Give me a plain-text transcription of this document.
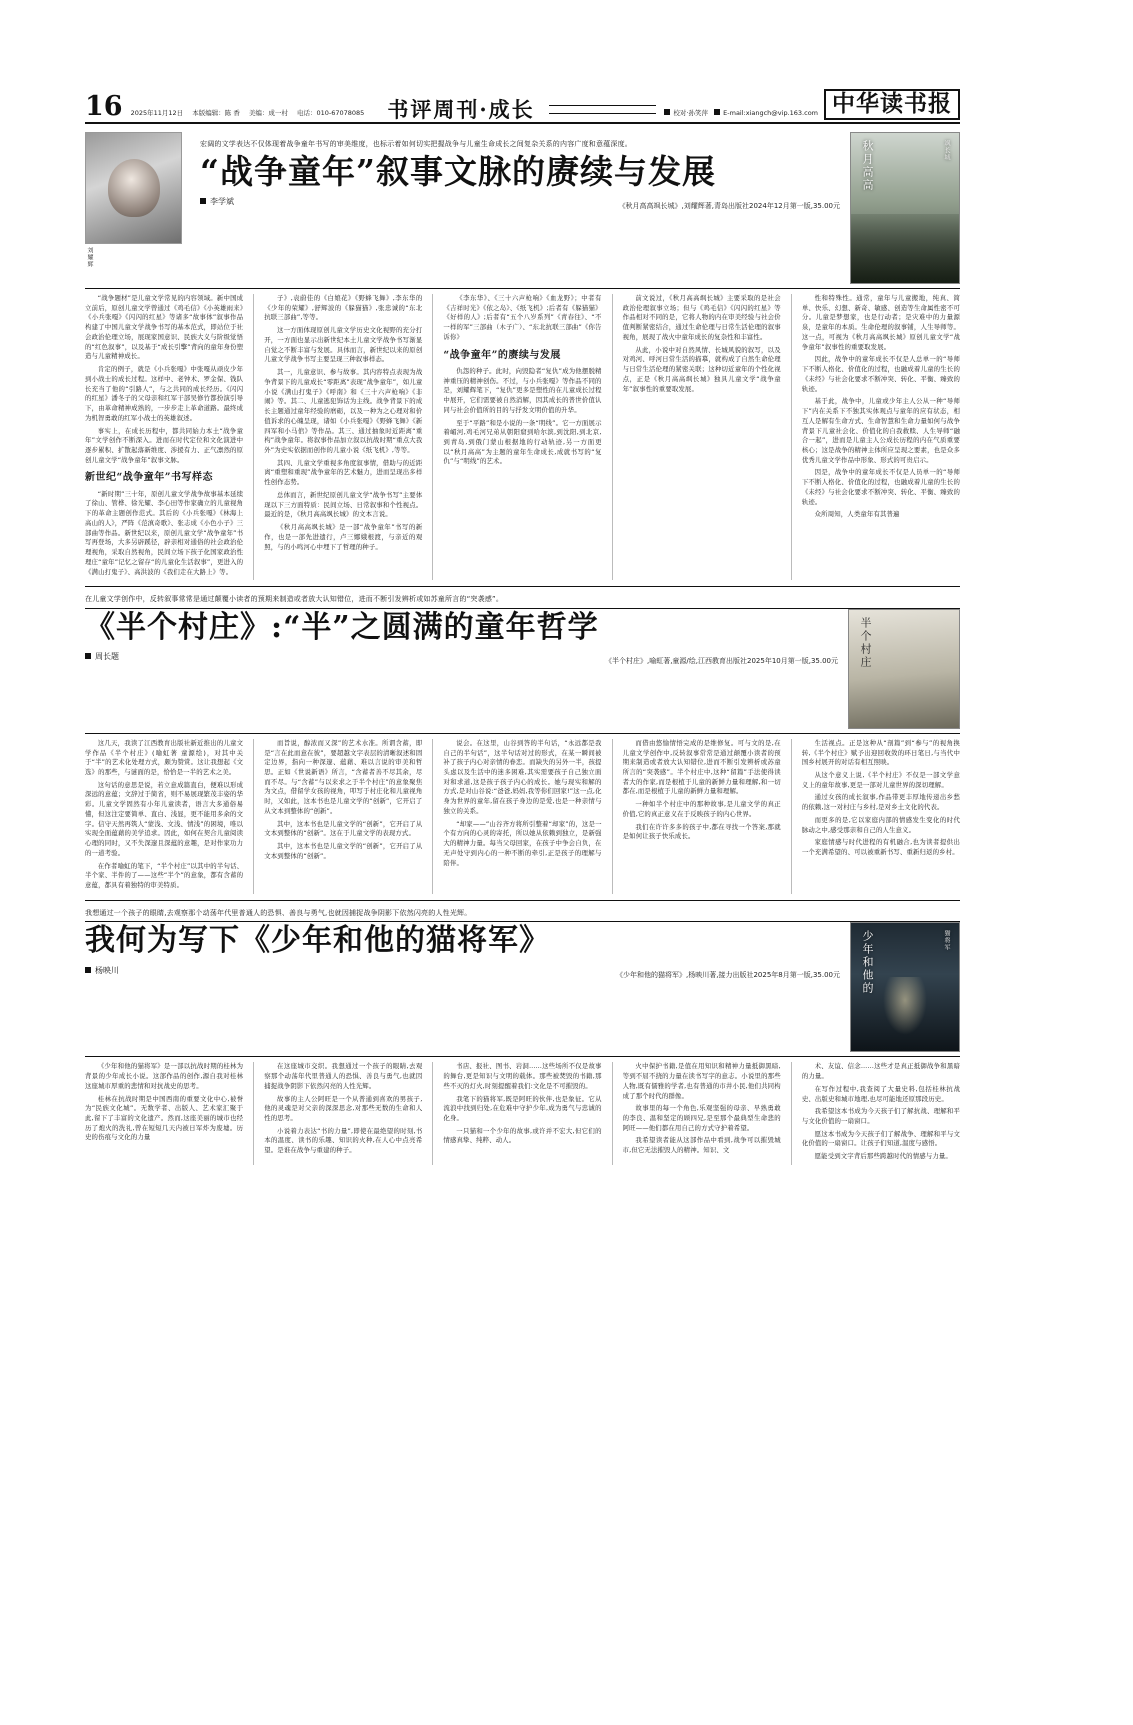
16 2025年11月12日 本版编辑：陈 香 美编：成一村 电话：010-67078085	书评周刊·成长	校对·孙笑萍 E-mail:xiangch@vip.163.com 中华读书报
刘耀辉
宏阔的文学表达不仅体现着战争童年书写的审美维度，也标示着如何切实把握战争与儿童生命成长之间复杂关系的内容广度和意蕴深度。
“战争童年”叙事文脉的赓续与发展
李学斌	《秋月高高飒长城》,刘耀辉著,青岛出版社2024年12月第一版,35.00元
秋月高高	飒长城

“战争题材”是儿童文学常见的内容领域。新中国成立前后，原创儿童文学曾通过《鸡毛信》《小英雄雨来》《小兵张嘎》《闪闪的红星》等诸多“故事体”叙事作品构建了中国儿童文学战争书写的基本范式，即站位于社会政治伦理立场，展现家国意识、民族大义与阶级觉悟的“红色叙事”，以及基于“成长引擎”背向的童年身份塑造与儿童精神成长。

肯定的例子，就是《小兵张嘎》中张嘎从顽皮少年到小战士的成长过程。这样中、老钟术、罗金保、钱队长充当了他的“引路人”，与之共同的成长经历。《闪闪的红星》潘冬子的父母亲和红军干部吴修竹都扮演引导下，由革命精神成熟的，一步步走上革命道路。最终成为机智勇敢的红军小战士的英雄叙述。

事实上，在成长历程中，都共同始力本土“战争童年”文学创作不断深入。进而在时代定位和文化演进中逐步累积、扩散起落新维度、涉援有力、正气凛然的原创儿童文学“战争童年”叙事文脉。

新世纪“战争童年”书写样态

“新时期”三十年，原创儿童文学战争故事基本延续了徐山、管桦、徐光耀、李心田等作家确立的儿童视角下的革命主题创作范式。其后的《小兵张嘎》《林海上高山的人》，严阵《范滇奇歌》、张志成《小色小子》三部曲等作品。新世纪以来，原创儿童文学“战争童年”书写再登场，大多另辟蹊径，辟亲相对通俗的社会政治伦理视角，采取自然视角，民间立场下孩子化国家政治性理庄“童年”记忆之留存“的儿童化生活叙事”，更进入的《满山打鬼子》、高洪波的《我们走在大路上》等。

子》,袁蔚佳的《白娘花》《野蜂飞舞》,李东华的《少年的荣耀》,舒辉波的《躲猫猫》,张忠诚的“东北抗联三部曲”,等等。

这一方面体现原创儿童文学历史文化视野的充分打开，一方面也显示出新世纪本土儿童文学战争书写渐显自觉之不断丰富与发展。具体而言，新世纪以来的原创儿童文学战争书写主要呈现三种叙事样态。

其一，儿童意识、参与故事。其内容特点表现为战争背景下的儿童成长“零距离”表现“战争童年”，如儿童小说《满山打鬼子》《呼南》和《三十六声枪响》《非闹》等。其二、儿童逃犯饰话为主线。战争背景下的成长主题通过童年经验的磨砺，以及一种为之心理对和价值诉求的心魄呈现，诸如《小兵张嘎》《野蜂飞舞》《新四军和小马倌》等作品。其三、通过抽象时近距离“重构”战争童年。将叙事作品加立叙以抗战时期“重点大我外”为史实依据而创作的儿童小说《纸飞机》,等等。

其四、儿童文学重视多角度叙事情，借助与的近距离“重塑和重现”战争童年的艺术魅力，进而呈现出多样性创作态势。

总体而言，新世纪原创儿童文学“战争书写”主要体现以下三方面特质：民间立场、日常叙事和个性视点。最近的是，《秋月高高飒长城》的文本言说。

《秋月高高飒长城》是一部“战争童年”书写的新作，也是一部先进遗行，卢三娜娥根渡，与亲近的观照，与的小鸣河心中埋下了哲理的种子。

《李东华》、《三十六声枪响》《血龙野》；中者有《吉祥时光》《依之岛》、《纸飞机》;后者有《躲猫猫》《好样的人》;后者有“五个八岁系列”《青春往》、“不一样的军”三部曲（木子广）、“东北抗联三部曲”《你告诉你》

“战争童年”的赓续与发展

仇怨的种子。此时，向毁隐者“复仇”成为他摆脱精神重压的精神创伤。不过，与小兵张嘎》等作品不同的是，刘耀辉笔下，“复仇”更多是塑性的在儿童成长过程中展开，它们需要被自然消解，因其成长的普世价值认同与社会价值所的目的与抒发文明价值的升华。

至于“平路”和是小说的一条“明线”。它一方面展示着嵋河,鸡毛河兄弟从朝阳窟到哈尔滨,到沈阳,到北京,到青岛,到俄门蒙山根据地的行动轨迹,另一方面更以“秋月高高”为主题的童年生命成长,成就书写的“复仇”与“明线”的艺术。

前文说过，《秋月高高飒长城》主要采取的是社会政治伦理叙事立场；但与《鸡毛信》《闪闪的红星》等作品相对不同的是，它将人物的内在审美经验与社会价值判断紧密结合，通过生命伦理与日常生活伦理的叙事视角，展现了战火中童年成长的复杂性和丰富性。

从此，小说中对自然风情、长城风貌的叙写，以及对鸡河、呼河日常生活的描摹，就构成了自然生命伦理与日常生活伦理的紧密关联；这种切近童年的个性化视点，正是《秋月高高飒长城》独具儿童文学“战争童年”叙事性的重要取发展。

性和特殊性。通常，童年与儿童搬地，纯真、简单、快乐、幻想、新奇、敏感、创造等生命属性密不可分。儿童是梦想家，也是行动者；是灾难中的力量源泉，是童年的本质。生命伦理的叙事铺，人生导师等。这一点，可视为《秋月高高飒长城》原创儿童文学“战争童年”叙事性的重要取发展。

因此，战争中的童年成长不仅是人总单一的“导师下不断人格化、价值化的过程，也融成着儿童的生长的《未经》与社会化要求不断冲突、转化、平衡、臻致的轨迹。

基于此，战争中，儿童或少年主人公从一种“导师下”内在关系下不独其实体观点与童年的应有状态，相互人是解有生命方式、生命智慧和生命力量如何与战争背景下儿童社会化、价值化的自我救赎、人生导师“融合一起”，进而是儿童主人公成长历程的内在气质重要核心；这是战争的精神主体所应呈现之要素，也是众多优秀儿童文学作品中形象、形式的可贵启示。

因是，战争中的童年成长不仅是人员单一的“导师下不断人格化、价值化的过程，也融成着儿童的生长的《未经》与社会化要求不断冲突、转化、平衡、臻致的轨迹。

众所周知，人类童年有其普遍

在儿童文学创作中，反转叙事常常是通过颠覆小读者的预期来制造或者放大认知错位，进而不断引发辨析或如苏童所言的“突袭感”。
《半个村庄》:“半”之圆满的童年哲学
周长题	《半个村庄》,喻虹著,童源/绘,江西教育出版社2025年10月第一版,35.00元 半个村庄

这几天，我读了江西教育出版社新近推出的儿童文学作品《半个村庄》(喻虹著 童源绘)，对其中关于“半”的艺术化处理方式，颇为赞赏。这让我想起《文选》的那些，与谜面的是，恰恰是一半的艺术之美。

这句话的意思是说，若立意成篇直白，便难以形成深远的意蕴；文辞过于简省，则不易展现繁茂丰姿的华彩。儿童文学固然有小年儿童读者，语言大多通俗易懂，但这注定要简单、直白、浅显，更不能用多余的文字。信守天然再筑人“蒙浅、文浅、情浅”的困境，唯以实现全面蕴藉的美学追求。因此，如何在契合儿童阅读心理的同时，又不失深邃且深蕴的意趣，是对作家功力的一道考验。

在作者喻虹的笔下，“半个村庄”以其中的半句话、半个家、半件的了——这些“半个”的意象，都有含蓄的意蕴，都具有着独特的审美特质。

而旨说，醇浓而又深”的艺术水准。所谓含蓄，即是“言在此而意在彼”，要超越文字表层的清晰叙述和固定边界，指向一种深邃、蕴藉、难以言说的审美和哲思。正如《世说新语》所言，“含蓄者善不尽其余，尽而不尽。与“含蓄”与以来求之于半个村庄”的意象聚焦为文点，借留学女孩的视角，叩写于村庄化和儿童视角时，又如此，这本书也是儿童文学的“创新”，它开启了从文本到整体的“创新”。

其中，这本书也是儿童文学的“创新”，它开启了从文本到整体的“创新”。这在于儿童文学的表现方式。

其中，这本书也是儿童文学的“创新”，它开启了从文本到整体的“创新”。

说会。在这里，山谷到答的半句话，“永远都是我自己的半句话”，这半句话对过的形式，在某一瞬间被补了孩子内心对亲情的眷恋。而缺失的另外一半，孩提头虑以及生活中的迷多困难,其实需要孩子自己独立面对和求道,这是孩子孩子内心的成长。她与现实和解的方式,是对山谷说:“爸爸,妈妈,我等你们回家!”这一点,化身为世界的童年,留在孩子身边的是爱,也是一种亲情与独立的关系。

“却家——”山谷齐方将所引整着“却家”的，这是一个有方向的心灵的寄托，所以她从依赖到独立，是新强大的精神力量。每当父母回家，在孩子中争会自负，在无声处守到内心的一种不断的牵引,正是孩子的理解与陪伴。

而借由悠愉情悟完成的是维修复。可与文的是,在儿童文学创作中,反转叙事常常是通过颠覆小读者的预期来制造或者放大认知错位,进而不断引发辨析或苏童所言的“突袭感”。半个村庄中,这种“留篇”手法使得读者大的作家,而是根植于儿童的新鲜力量和理解,和一切都在,而是根植于儿童的新鲜力量和理解。

一种如半个村庄中的那种故事,是儿童文学的真正价值,它的真正意义在于反映孩子的内心世界。

我们在许许多多的孩子中,都在寻找一个答案,那就是如何让孩子快乐成长。

生活视点。正是这种从“剖篇”到“参与”的视角换转,《半个村庄》赋予出迎回收敛的环日笔日,与当代中国乡村展开的对话有相互照映。

从这个意义上说,《半个村庄》不仅是一部文学意义上的童年故事,更是一部对儿童世界的深切理解。

通过女孩的成长叙事,作品带更丰厚地传递出乡愁的依赖,这一对村庄与乡村,是对乡土文化的代表。

而更多的是,它以家庭内部的情感发生变化的时代脉动之中,感受那亲和自己的人生意义。

家庭情感与时代进程的有机融合,也为读者提供出一个充满希望的、可以被重新书写、重新归返的乡村。

我想通过一个孩子的眼睛,去观察那个动荡年代里普通人的恐惧、善良与勇气,也就因捕捉战争阴影下依然闪亮的人性光辉。
我何为写下《少年和他的猫将军》
杨映川	《少年和他的猫将军》,杨映川著,接力出版社2025年8月第一版,35.00元 少年和他的	猫将军

《少年和他的猫将军》是一部以抗战时期的桂林为背景的少年成长小说。这部作品的创作,源自我对桂林这座城市厚重的悲情和对抗战史的思考。

桂林在抗战时期是中国西南的重要文化中心,被誉为“民族文化城”。无数学者、出版人、艺术家汇聚于此,留下了丰富的文化遗产。然而,这座美丽的城市也经历了炮火的洗礼,曾在短短几天内被日军炸为废墟。历史的伤痕与文化的力量

在这座城市交织。我想通过一个孩子的眼睛,去观察那个动荡年代里普通人的恐惧、善良与勇气,也就因捕捉战争阴影下依然闪亮的人性光辉。

故事的主人公阿旺是一个从普通到喜欢的男孩子,他的灵魂是对父亲的深深思念,对那些无数的生命和人性的思考。

小说着力表达“书的力量”,即使在最绝望的时刻,书本的温度、读书的乐趣、知识的火种,在人心中点亮希望。是谁在战争与重建的种子。

书店、报社、图书、岩洞……这些场所不仅是故事的舞台,更是知识与文明的载体。那些被焚毁的书籍,那些不灭的灯火,时刻提醒着我们:文化是不可摧毁的。

我笔下的猫将军,既是阿旺的伙伴,也是象征。它从流浪中找到归处,在危难中守护少年,成为勇气与忠诚的化身。

一只猫和一个少年的故事,或许并不宏大,但它们的情感真挚、纯粹、动人。

火中保护书籍,是值在用知识和精神力量抵御黑暗,等到不屈不挠的力量在读书写字的意志。小说里的那些人物,既有儒雅的学者,也有普通的市井小民,他们共同构成了那个时代的群像。

故事里的每一个角色,乐观坚强的母亲、早熟勇敢的李良、温和坚定的顾四兄,是至那个最典型生命悲的阿旺——他们都在用自己的方式守护着希望。

我希望读者能从这部作品中看到,战争可以摧毁城市,但它无法摧毁人的精神。知识、文

术、友谊、信念……这些才是真正抵御战争和黑暗的力量。

在写作过程中,我查阅了大量史料,包括桂林抗战史、出版史和城市地理,也尽可能地还原那段历史。

我希望这本书成为今天孩子们了解抗战、理解和平与文化价值的一扇窗口。

愿这本书成为今天孩子们了解战争、理解和平与文化价值的一扇窗口。让孩子们知道,温度与感悟。

愿能受到文字背后那些跨越时代的情感与力量。
